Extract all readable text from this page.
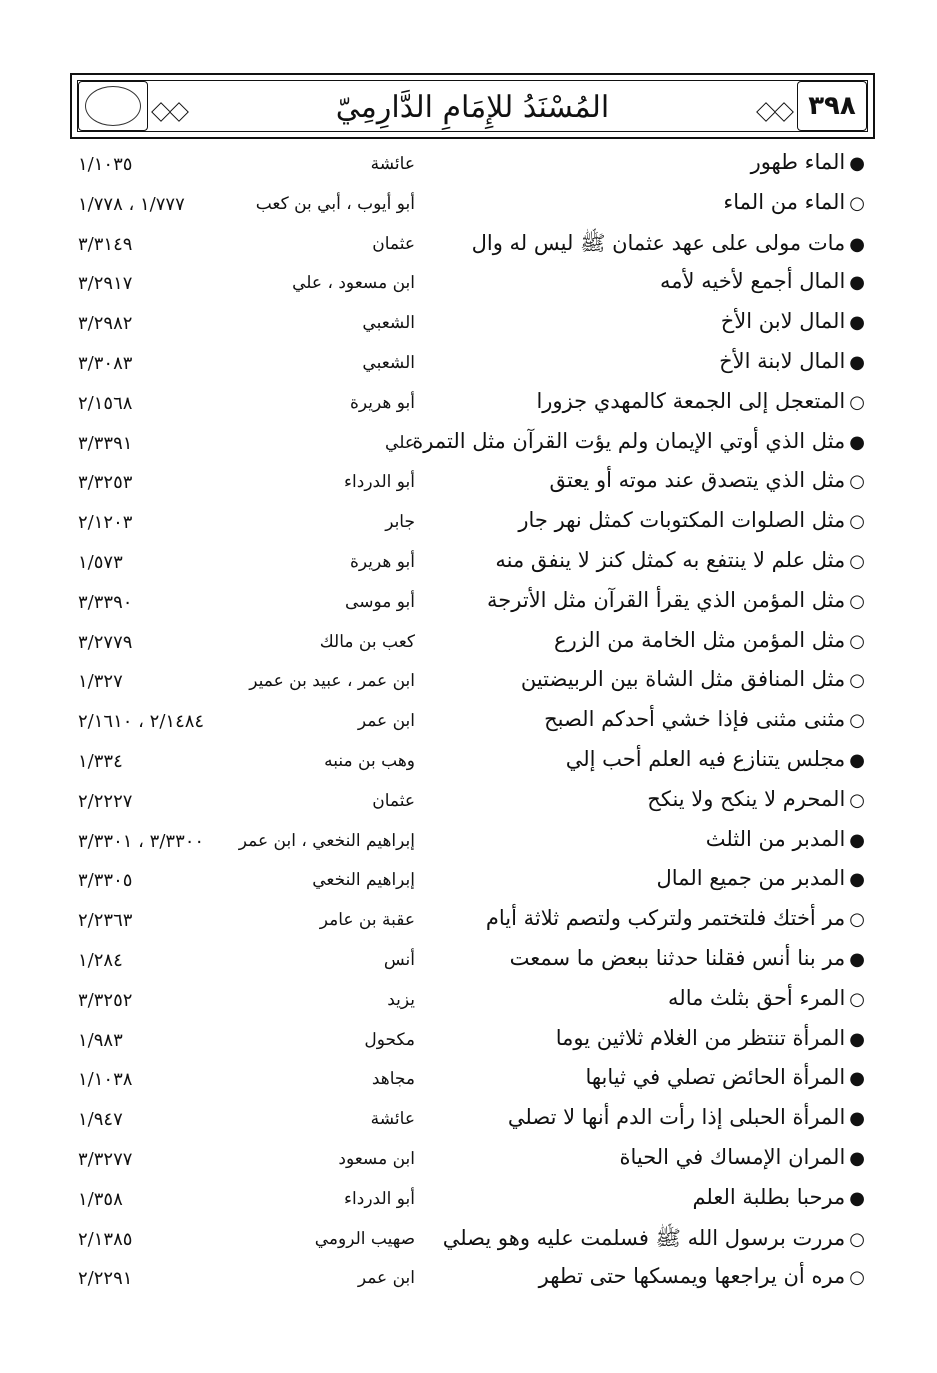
المُسْنَدُ للإِمَامِ الدَّارِمِيّ	٣٩٨
●الماء طهور
عائشة
١/١٠٣٥
○الماء من الماء
أبو أيوب ، أبي بن كعب
١/٧٧٧ ، ١/٧٧٨
●مات مولى على عهد عثمان ﷺ ليس له وال
عثمان
٣/٣١٤٩
●المال أجمع لأخيه لأمه
ابن مسعود ، علي
٣/٢٩١٧
●المال لابن الأخ
الشعبي
٣/٢٩٨٢
●المال لابنة الأخ
الشعبي
٣/٣٠٨٣
○المتعجل إلى الجمعة كالمهدي جزورا
أبو هريرة
٢/١٥٦٨
●مثل الذي أوتي الإيمان ولم يؤت القرآن مثل التمرة
علي
٣/٣٣٩١
○مثل الذي يتصدق عند موته أو يعتق
أبو الدرداء
٣/٣٢٥٣
○مثل الصلوات المكتوبات كمثل نهر جار
جابر
٢/١٢٠٣
○مثل علم لا ينتفع به كمثل كنز لا ينفق منه
أبو هريرة
١/٥٧٣
○مثل المؤمن الذي يقرأ القرآن مثل الأترجة
أبو موسى
٣/٣٣٩٠
○مثل المؤمن مثل الخامة من الزرع
كعب بن مالك
٣/٢٧٧٩
○مثل المنافق مثل الشاة بين الربيضتين
ابن عمر ، عبيد بن عمير
١/٣٢٧
○مثنى مثنى فإذا خشي أحدكم الصبح
ابن عمر
٢/١٤٨٤ ، ٢/١٦١٠
●مجلس يتنازع فيه العلم أحب إلي
وهب بن منبه
١/٣٣٤
○المحرم لا ينكح ولا ينكح
عثمان
٢/٢٢٢٧
●المدبر من الثلث
إبراهيم النخعي ، ابن عمر
٣/٣٣٠٠ ، ٣/٣٣٠١
●المدبر من جميع المال
إبراهيم النخعي
٣/٣٣٠٥
○مر أختك فلتختمر ولتركب ولتصم ثلاثة أيام
عقبة بن عامر
٢/٢٣٦٣
●مر بنا أنس فقلنا حدثنا ببعض ما سمعت
أنس
١/٢٨٤
○المرء أحق بثلث ماله
يزيد
٣/٣٢٥٢
●المرأة تنتظر من الغلام ثلاثين يوما
مكحول
١/٩٨٣
●المرأة الحائض تصلي في ثيابها
مجاهد
١/١٠٣٨
●المرأة الحبلى إذا رأت الدم أنها لا تصلي
عائشة
١/٩٤٧
●المران الإمساك في الحياة
ابن مسعود
٣/٣٢٧٧
●مرحبا بطلبة العلم
أبو الدرداء
١/٣٥٨
○مررت برسول الله ﷺ فسلمت عليه وهو يصلي
صهيب الرومي
٢/١٣٨٥
○مره أن يراجعها ويمسكها حتى تطهر
ابن عمر
٢/٢٢٩١
